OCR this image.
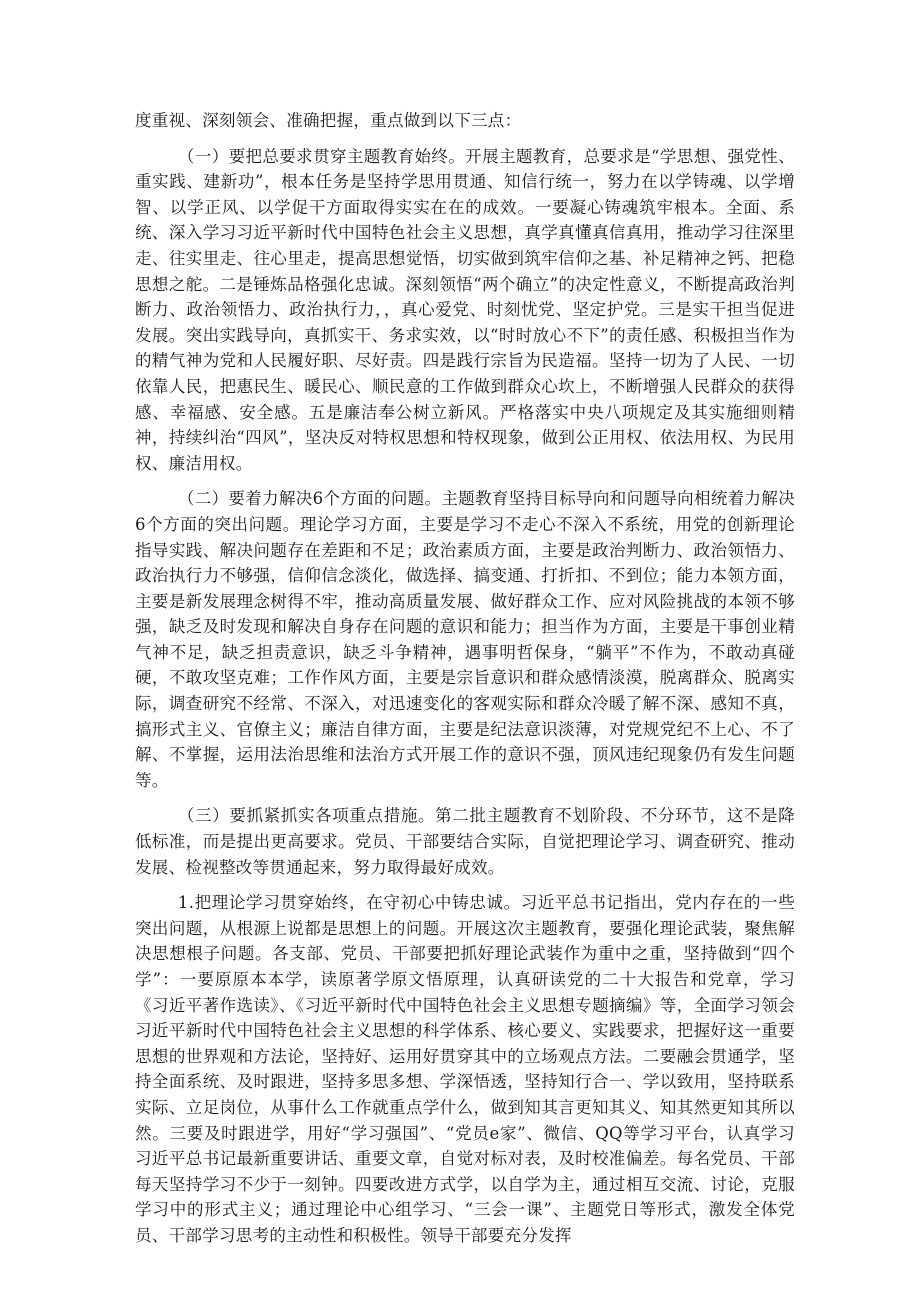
度重视、深刻领会、准确把握，重点做到以下三点：

（一）要把总要求贯穿主题教育始终。开展主题教育，总要求是“学思想、强党性、重实践、建新功”，根本任务是坚持学思用贯通、知信行统一，努力在以学铸魂、以学增智、以学正风、以学促干方面取得实实在在的成效。一要凝心铸魂筑牢根本。全面、系统、深入学习习近平新时代中国特色社会主义思想，真学真懂真信真用，推动学习往深里走、往实里走、往心里走，提高思想觉悟，切实做到筑牢信仰之基、补足精神之钙、把稳思想之舵。二是锤炼品格强化忠诚。深刻领悟“两个确立”的决定性意义，不断提高政治判断力、政治领悟力、政治执行力，，真心爱党、时刻忧党、坚定护党。三是实干担当促进发展。突出实践导向，真抓实干、务求实效，以“时时放心不下”的责任感、积极担当作为的精气神为党和人民履好职、尽好责。四是践行宗旨为民造福。坚持一切为了人民、一切依靠人民，把惠民生、暖民心、顺民意的工作做到群众心坎上，不断增强人民群众的获得感、幸福感、安全感。五是廉洁奉公树立新风。严格落实中央八项规定及其实施细则精神，持续纠治“四风”，坚决反对特权思想和特权现象，做到公正用权、依法用权、为民用权、廉洁用权。

（二）要着力解决6个方面的问题。主题教育坚持目标导向和问题导向相统着力解决6个方面的突出问题。理论学习方面，主要是学习不走心不深入不系统，用党的创新理论指导实践、解决问题存在差距和不足；政治素质方面，主要是政治判断力、政治领悟力、政治执行力不够强，信仰信念淡化，做选择、搞变通、打折扣、不到位；能力本领方面，主要是新发展理念树得不牢，推动高质量发展、做好群众工作、应对风险挑战的本领不够强，缺乏及时发现和解决自身存在问题的意识和能力；担当作为方面，主要是干事创业精气神不足，缺乏担责意识，缺乏斗争精神，遇事明哲保身，“躺平”不作为，不敢动真碰硬，不敢攻坚克难；工作作风方面，主要是宗旨意识和群众感情淡漠，脱离群众、脱离实际，调查研究不经常、不深入，对迅速变化的客观实际和群众冷暖了解不深、感知不真，搞形式主义、官僚主义；廉洁自律方面，主要是纪法意识淡薄，对党规党纪不上心、不了解、不掌握，运用法治思维和法治方式开展工作的意识不强，顶风违纪现象仍有发生问题等。

（三）要抓紧抓实各项重点措施。第二批主题教育不划阶段、不分环节，这不是降低标准，而是提出更高要求。党员、干部要结合实际，自觉把理论学习、调查研究、推动发展、检视整改等贯通起来，努力取得最好成效。

1.把理论学习贯穿始终，在守初心中铸忠诚。习近平总书记指出，党内存在的一些突出问题，从根源上说都是思想上的问题。开展这次主题教育，要强化理论武装，聚焦解决思想根子问题。各支部、党员、干部要把抓好理论武装作为重中之重，坚持做到“四个学”：一要原原本本学，读原著学原文悟原理，认真研读党的二十大报告和党章，学习《习近平著作选读》、《习近平新时代中国特色社会主义思想专题摘编》等，全面学习领会习近平新时代中国特色社会主义思想的科学体系、核心要义、实践要求，把握好这一重要思想的世界观和方法论，坚持好、运用好贯穿其中的立场观点方法。二要融会贯通学，坚持全面系统、及时跟进，坚持多思多想、学深悟透，坚持知行合一、学以致用，坚持联系实际、立足岗位，从事什么工作就重点学什么，做到知其言更知其义、知其然更知其所以然。三要及时跟进学，用好“学习强国”、“党员e家”、微信、QQ等学习平台，认真学习习近平总书记最新重要讲话、重要文章，自觉对标对表，及时校准偏差。每名党员、干部每天坚持学习不少于一刻钟。四要改进方式学，以自学为主，通过相互交流、讨论，克服学习中的形式主义；通过理论中心组学习、“三会一课”、主题党日等形式，激发全体党员、干部学习思考的主动性和积极性。领导干部要充分发挥
